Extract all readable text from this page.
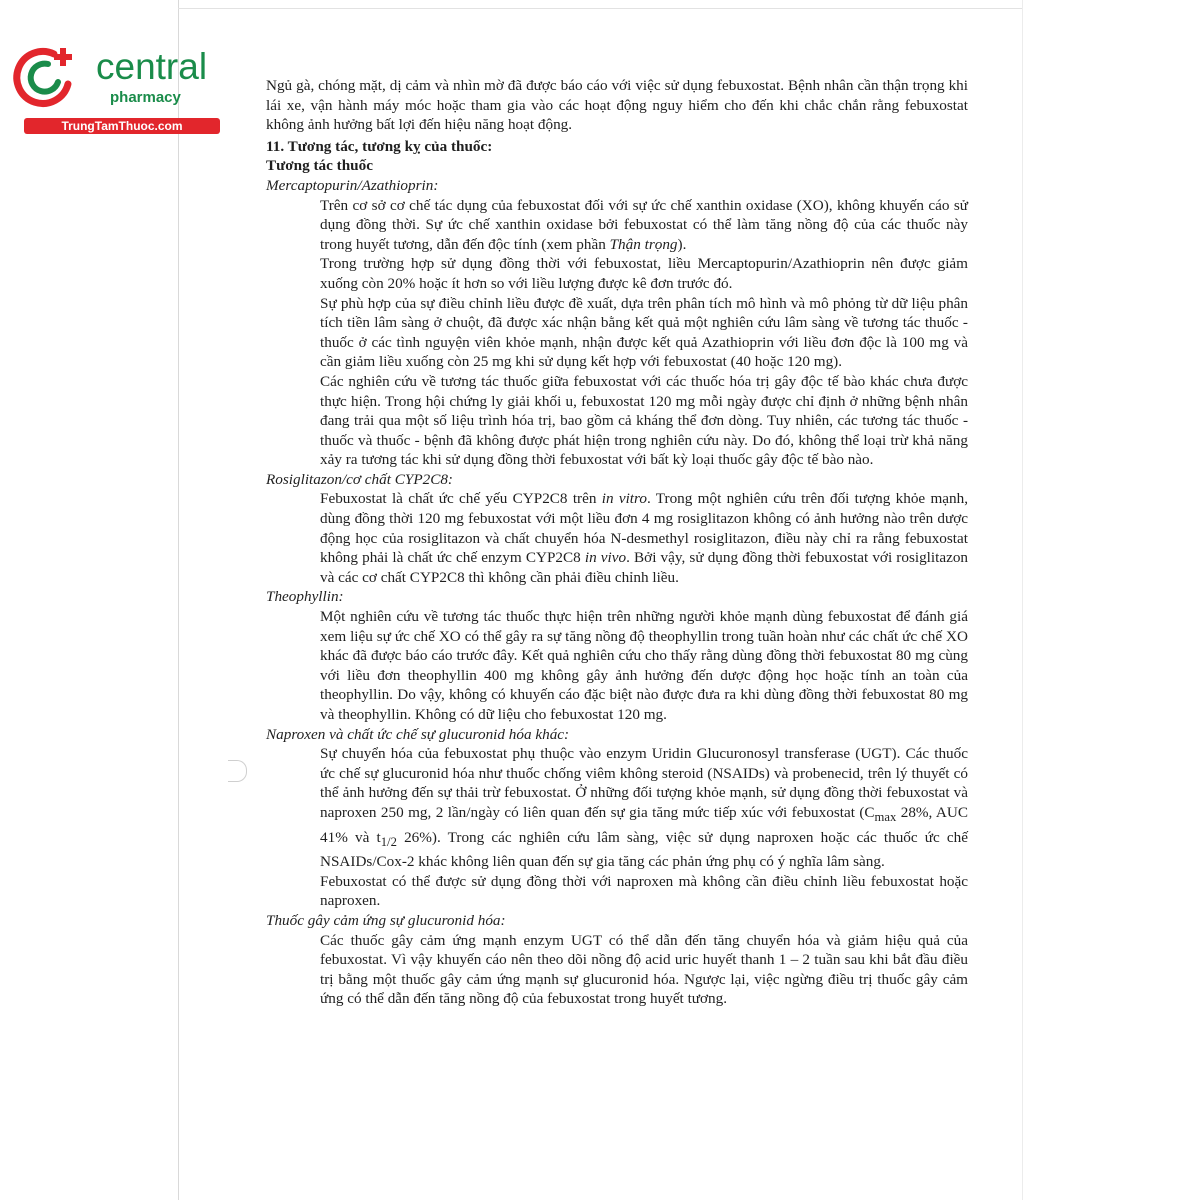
central
pharmacy
TrungTamThuoc.com

Ngủ gà, chóng mặt, dị cảm và nhìn mờ đã được báo cáo với việc sử dụng febuxostat. Bệnh nhân cần thận trọng khi lái xe, vận hành máy móc hoặc tham gia vào các hoạt động nguy hiểm cho đến khi chắc chắn rằng febuxostat không ảnh hưởng bất lợi đến hiệu năng hoạt động.

11. Tương tác, tương kỵ của thuốc:

Tương tác thuốc

Mercaptopurin/Azathioprin:

Trên cơ sở cơ chế tác dụng của febuxostat đối với sự ức chế xanthin oxidase (XO), không khuyến cáo sử dụng đồng thời. Sự ức chế xanthin oxidase bởi febuxostat có thể làm tăng nồng độ của các thuốc này trong huyết tương, dẫn đến độc tính (xem phần Thận trọng).

Trong trường hợp sử dụng đồng thời với febuxostat, liều Mercaptopurin/Azathioprin nên được giảm xuống còn 20% hoặc ít hơn so với liều lượng được kê đơn trước đó.

Sự phù hợp của sự điều chỉnh liều được đề xuất, dựa trên phân tích mô hình và mô phỏng từ dữ liệu phân tích tiền lâm sàng ở chuột, đã được xác nhận bằng kết quả một nghiên cứu lâm sàng về tương tác thuốc - thuốc ở các tình nguyện viên khỏe mạnh, nhận được kết quả Azathioprin với liều đơn độc là 100 mg và cần giảm liều xuống còn 25 mg khi sử dụng kết hợp với febuxostat (40 hoặc 120 mg).

Các nghiên cứu về tương tác thuốc giữa febuxostat với các thuốc hóa trị gây độc tế bào khác chưa được thực hiện. Trong hội chứng ly giải khối u, febuxostat 120 mg mỗi ngày được chỉ định ở những bệnh nhân đang trải qua một số liệu trình hóa trị, bao gồm cả kháng thể đơn dòng. Tuy nhiên, các tương tác thuốc - thuốc và thuốc - bệnh đã không được phát hiện trong nghiên cứu này. Do đó, không thể loại trừ khả năng xảy ra tương tác khi sử dụng đồng thời febuxostat với bất kỳ loại thuốc gây độc tế bào nào.

Rosiglitazon/cơ chất CYP2C8:

Febuxostat là chất ức chế yếu CYP2C8 trên in vitro. Trong một nghiên cứu trên đối tượng khỏe mạnh, dùng đồng thời 120 mg febuxostat với một liều đơn 4 mg rosiglitazon không có ảnh hưởng nào trên dược động học của rosiglitazon và chất chuyển hóa N-desmethyl rosiglitazon, điều này chỉ ra rằng febuxostat không phải là chất ức chế enzym CYP2C8 in vivo. Bởi vậy, sử dụng đồng thời febuxostat với rosiglitazon và các cơ chất CYP2C8 thì không cần phải điều chỉnh liều.

Theophyllin:

Một nghiên cứu về tương tác thuốc thực hiện trên những người khỏe mạnh dùng febuxostat để đánh giá xem liệu sự ức chế XO có thể gây ra sự tăng nồng độ theophyllin trong tuần hoàn như các chất ức chế XO khác đã được báo cáo trước đây. Kết quả nghiên cứu cho thấy rằng dùng đồng thời febuxostat 80 mg cùng với liều đơn theophyllin 400 mg không gây ảnh hưởng đến dược động học hoặc tính an toàn của theophyllin. Do vậy, không có khuyến cáo đặc biệt nào được đưa ra khi dùng đồng thời febuxostat 80 mg và theophyllin. Không có dữ liệu cho febuxostat 120 mg.

Naproxen và chất ức chế sự glucuronid hóa khác:

Sự chuyển hóa của febuxostat phụ thuộc vào enzym Uridin Glucuronosyl transferase (UGT). Các thuốc ức chế sự glucuronid hóa như thuốc chống viêm không steroid (NSAIDs) và probenecid, trên lý thuyết có thể ảnh hưởng đến sự thải trừ febuxostat. Ở những đối tượng khỏe mạnh, sử dụng đồng thời febuxostat và naproxen 250 mg, 2 lần/ngày có liên quan đến sự gia tăng mức tiếp xúc với febuxostat ($C_{max}$ 28%, AUC 41% và $t_{1/2}$ 26%). Trong các nghiên cứu lâm sàng, việc sử dụng naproxen hoặc các thuốc ức chế NSAIDs/Cox-2 khác không liên quan đến sự gia tăng các phản ứng phụ có ý nghĩa lâm sàng.

Febuxostat có thể được sử dụng đồng thời với naproxen mà không cần điều chỉnh liều febuxostat hoặc naproxen.

Thuốc gây cảm ứng sự glucuronid hóa:

Các thuốc gây cảm ứng mạnh enzym UGT có thể dẫn đến tăng chuyển hóa và giảm hiệu quả của febuxostat. Vì vậy khuyến cáo nên theo dõi nồng độ acid uric huyết thanh 1 – 2 tuần sau khi bắt đầu điều trị bằng một thuốc gây cảm ứng mạnh sự glucuronid hóa. Ngược lại, việc ngừng điều trị thuốc gây cảm ứng có thể dẫn đến tăng nồng độ của febuxostat trong huyết tương.
